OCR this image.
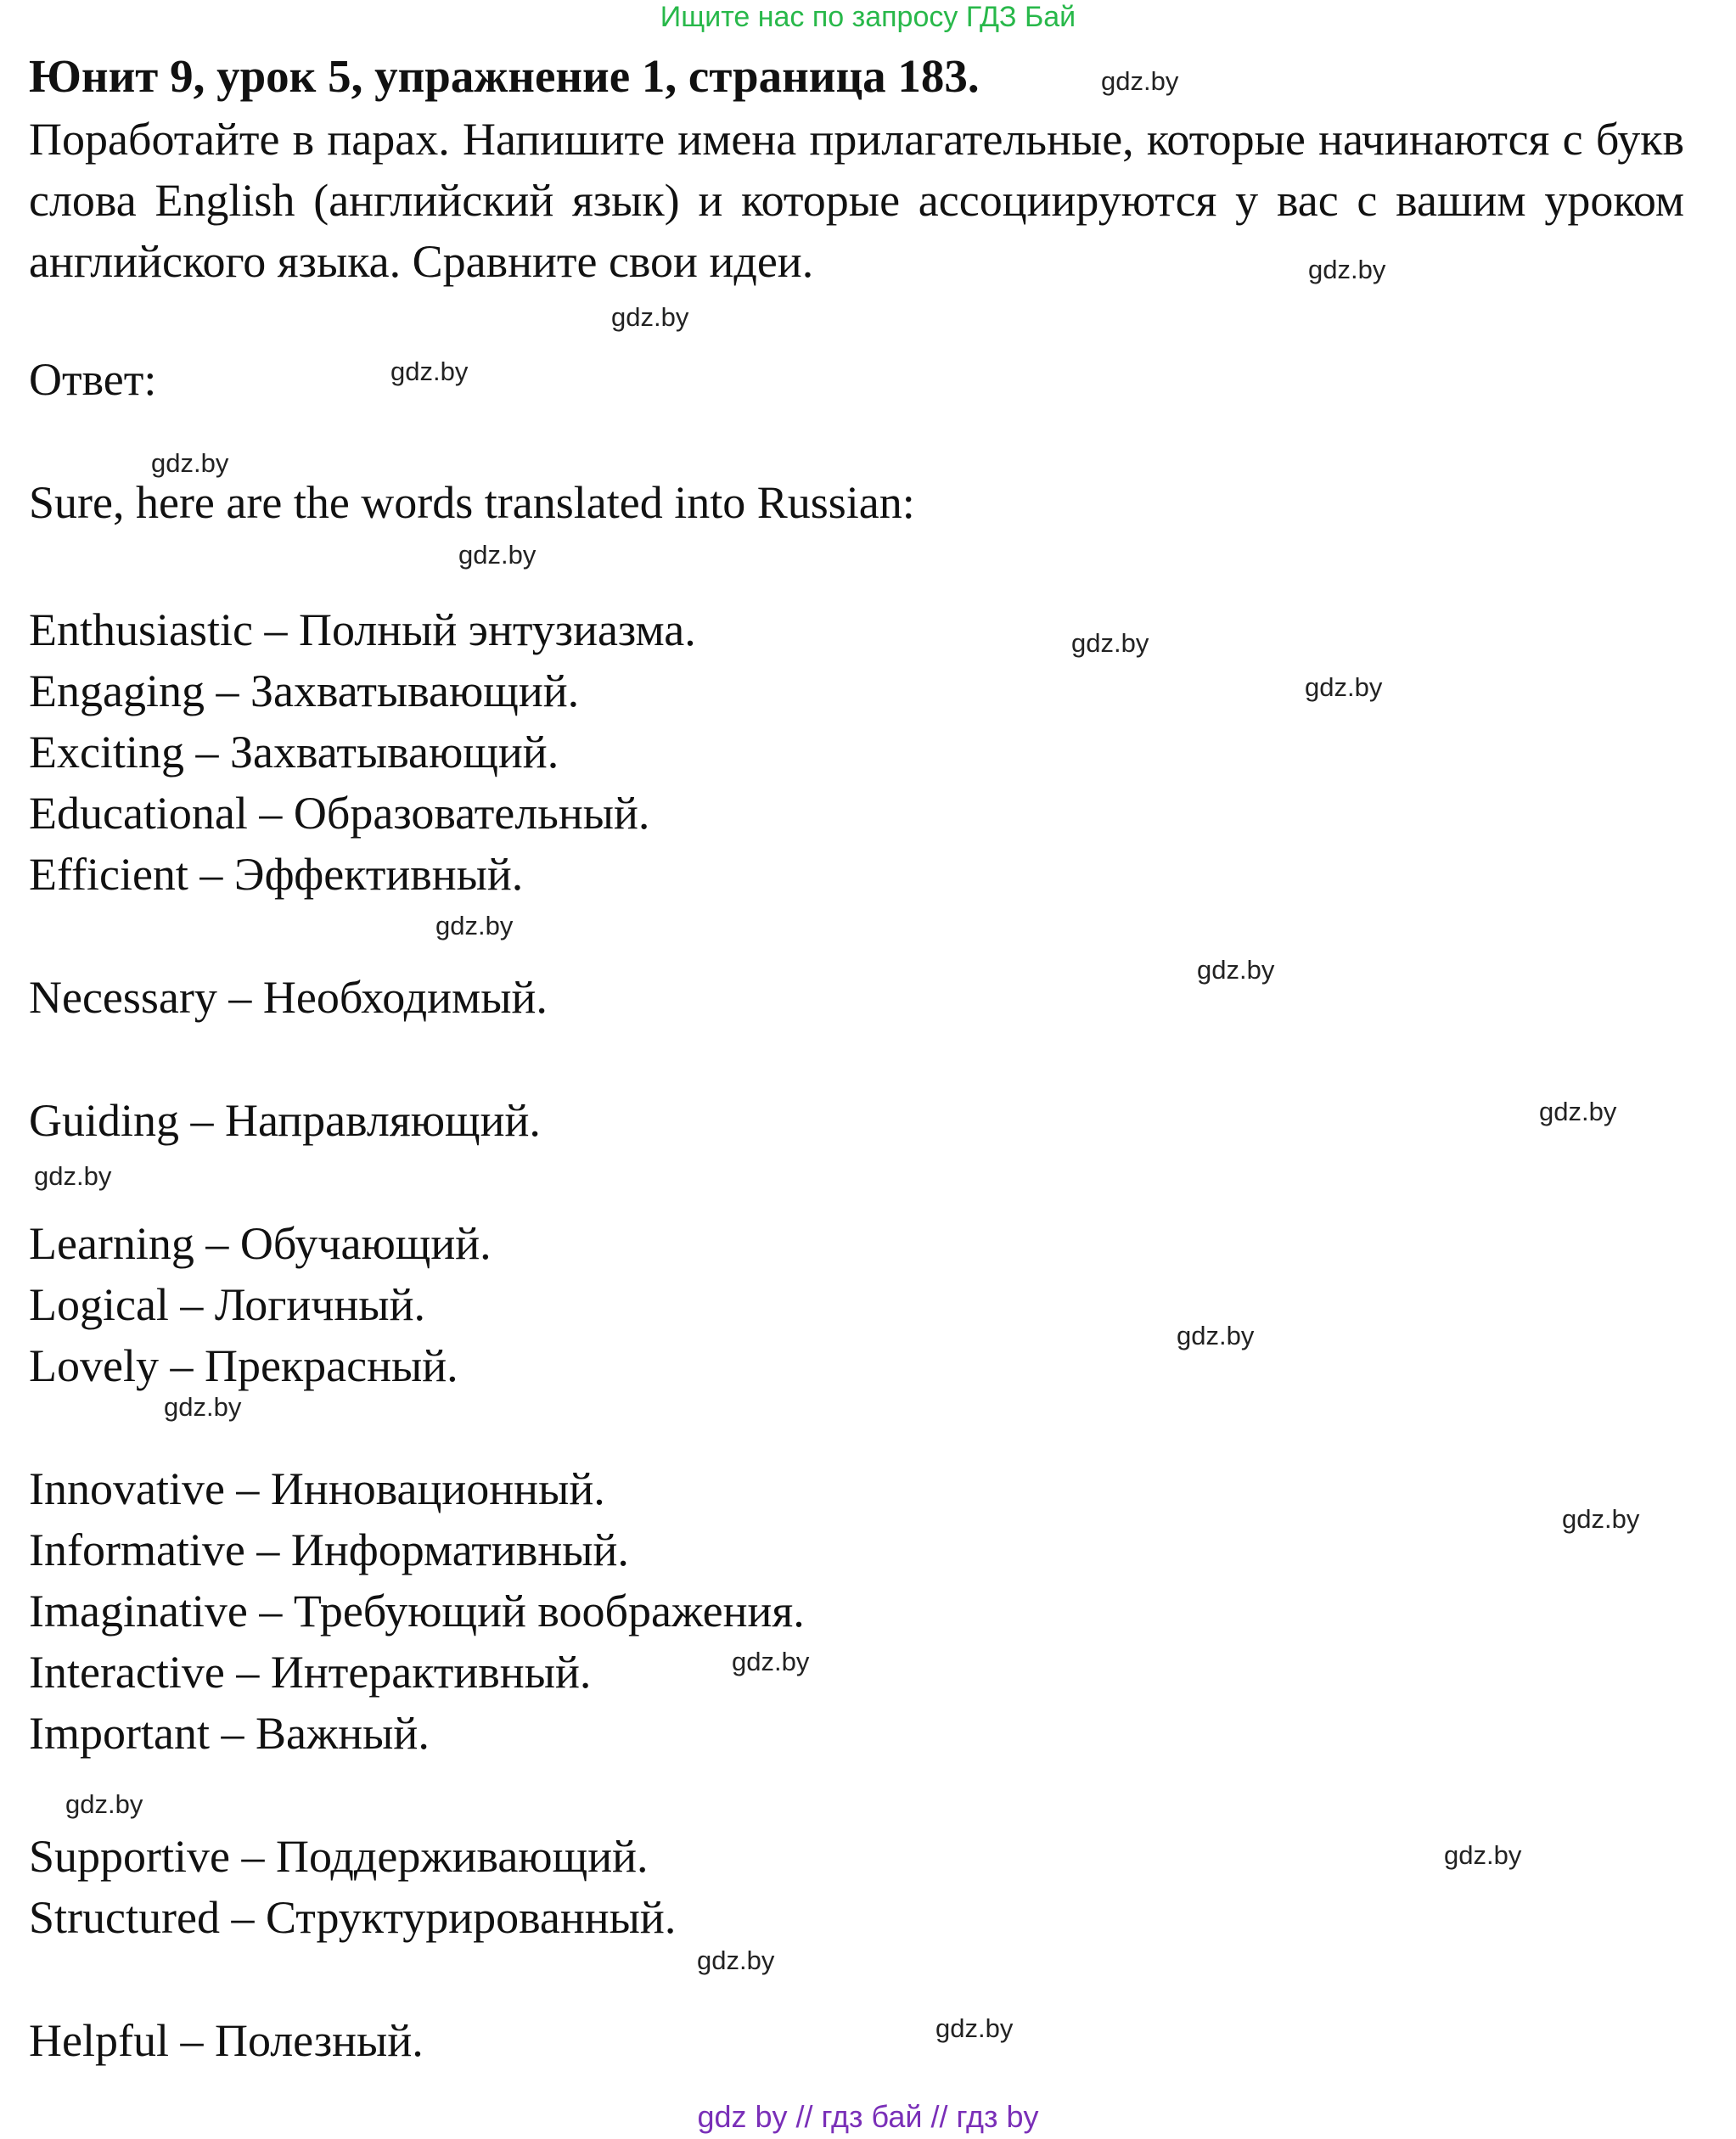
Ищите нас по запросу ГДЗ Бай
Юнит 9, урок 5, упражнение 1, страница 183.
Поработайте в парах. Напишите имена прилагательные, которые начинаются с букв слова English (английский язык) и которые ассоциируются у вас с вашим уроком английского языка. Сравните свои идеи.
Ответ:
Sure, here are the words translated into Russian:
Enthusiastic – Полный энтузиазма.
Engaging – Захватывающий.
Exciting – Захватывающий.
Educational – Образовательный.
Efficient – Эффективный.
Necessary – Необходимый.
Guiding – Направляющий.
Learning – Обучающий.
Logical – Логичный.
Lovely – Прекрасный.
Innovative – Инновационный.
Informative – Информативный.
Imaginative – Требующий воображения.
Interactive – Интерактивный.
Important – Важный.
Supportive – Поддерживающий.
Structured – Структурированный.
Helpful – Полезный.
gdz.by
gdz.by
gdz.by
gdz.by
gdz.by
gdz.by
gdz.by
gdz.by
gdz.by
gdz.by
gdz.by
gdz.by
gdz.by
gdz.by
gdz.by
gdz.by
gdz.by
gdz.by
gdz.by
gdz.by
gdz by // гдз бай // гдз by
